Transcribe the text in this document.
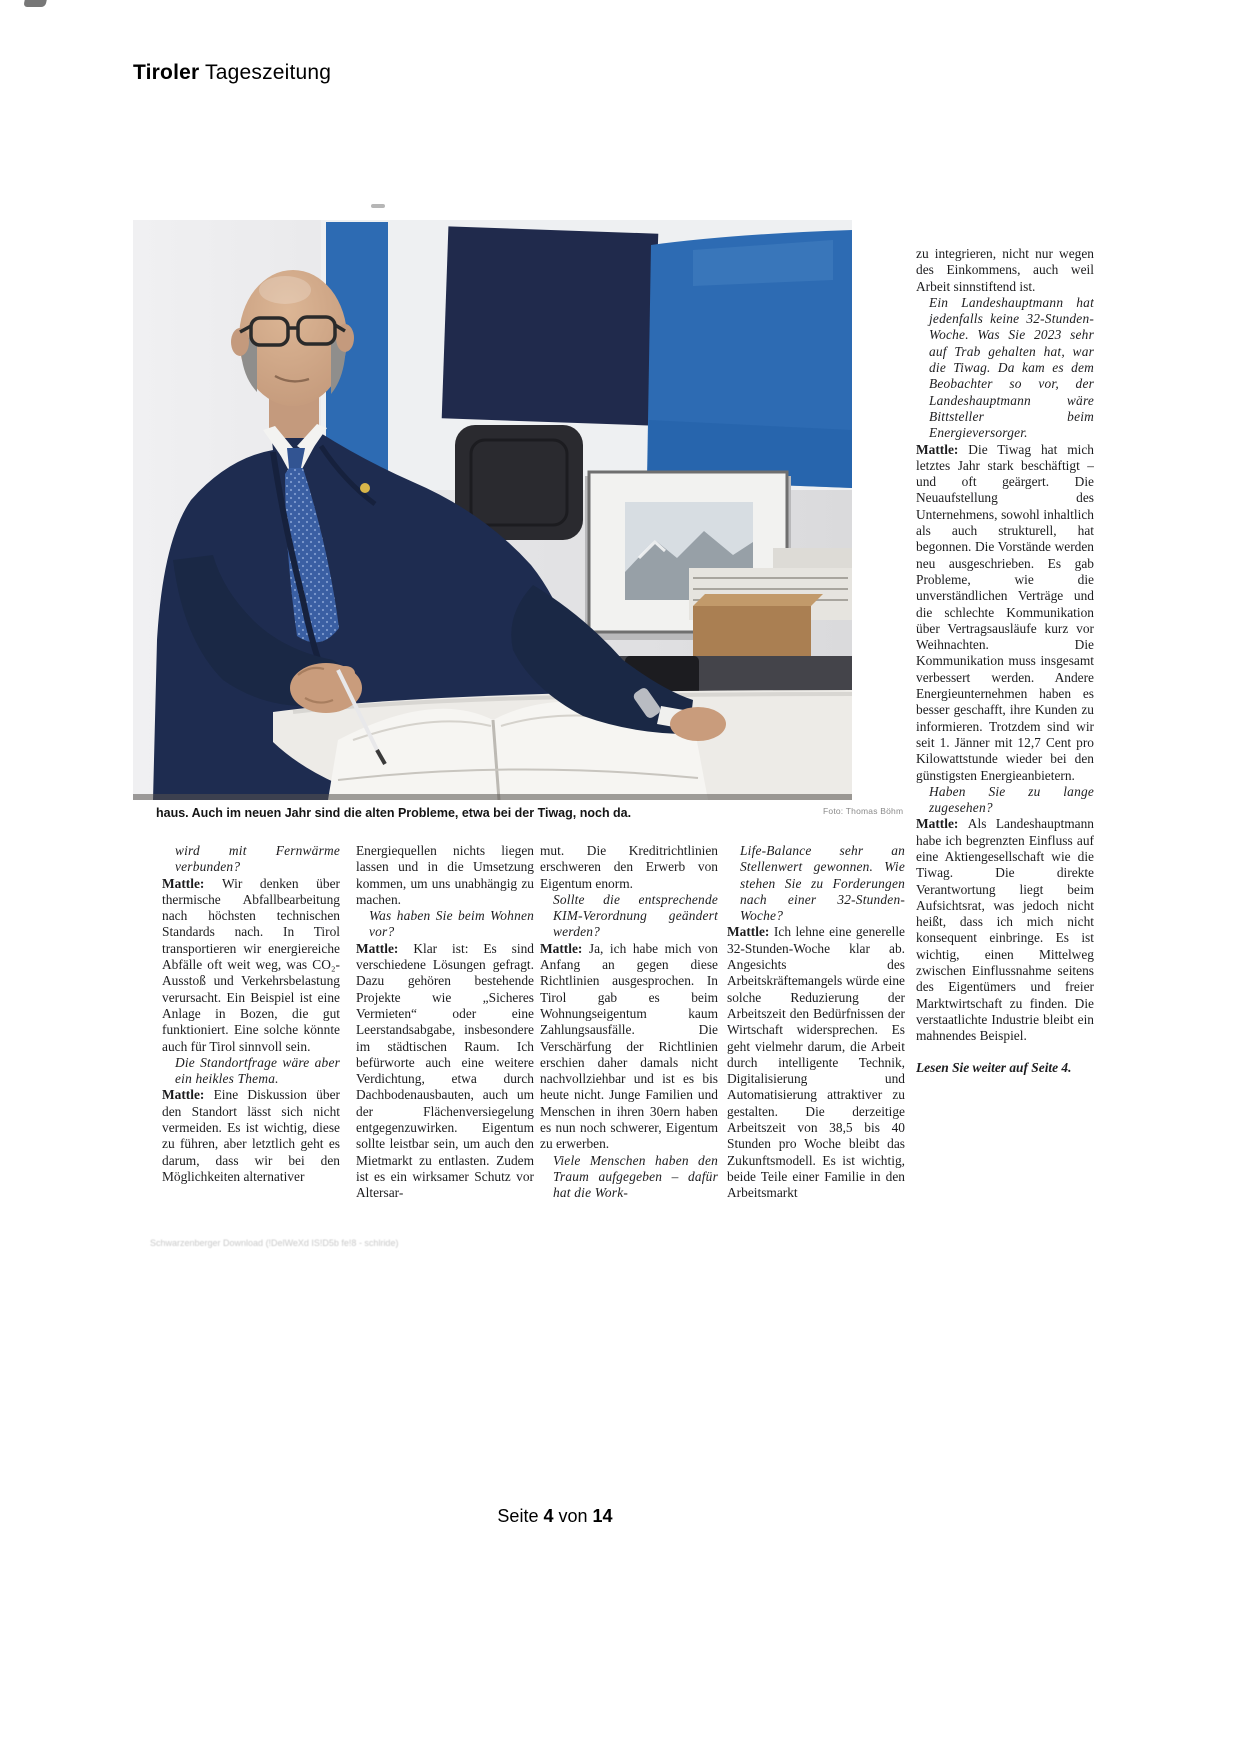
Tiroler Tageszeitung
haus. Auch im neuen Jahr sind die alten Probleme, etwa bei der Tiwag, noch da.	Foto: Thomas Böhm

wird mit Fernwärme verbunden?

Mattle: Wir denken über thermische Abfallbearbeitung nach höchsten technischen Standards nach. In Tirol transportieren wir energiereiche Abfälle oft weit weg, was CO₂-Ausstoß und Verkehrsbelastung verursacht. Ein Beispiel ist eine Anlage in Bozen, die gut funktioniert. Eine solche könnte auch für Tirol sinnvoll sein.

Die Standortfrage wäre aber ein heikles Thema.

Mattle: Eine Diskussion über den Standort lässt sich nicht vermeiden. Es ist wichtig, diese zu führen, aber letztlich geht es darum, dass wir bei den Möglichkeiten alternativer

Energiequellen nichts liegen lassen und in die Umsetzung kommen, um uns unabhängig zu machen.

Was haben Sie beim Wohnen vor?

Mattle: Klar ist: Es sind verschiedene Lösungen gefragt. Dazu gehören bestehende Projekte wie „Sicheres Vermieten“ oder eine Leerstandsabgabe, insbesondere im städtischen Raum. Ich befürworte auch eine weitere Verdichtung, etwa durch Dachbodenausbauten, auch um der Flächenversiegelung entgegenzuwirken. Eigentum sollte leistbar sein, um auch den Mietmarkt zu entlasten. Zudem ist es ein wirksamer Schutz vor Altersar-

mut. Die Kreditrichtlinien erschweren den Erwerb von Eigentum enorm.

Sollte die entsprechende KIM-Verordnung geändert werden?

Mattle: Ja, ich habe mich von Anfang an gegen diese Richtlinien ausgesprochen. In Tirol gab es beim Wohnungseigentum kaum Zahlungsausfälle. Die Verschärfung der Richtlinien erschien daher damals nicht nachvollziehbar und ist es bis heute nicht. Junge Familien und Menschen in ihren 30ern haben es nun noch schwerer, Eigentum zu erwerben.

Viele Menschen haben den Traum aufgegeben – dafür hat die Work-

Life-Balance sehr an Stellenwert gewonnen. Wie stehen Sie zu Forderungen nach einer 32-Stunden-Woche?

Mattle: Ich lehne eine generelle 32-Stunden-Woche klar ab. Angesichts des Arbeitskräftemangels würde eine solche Reduzierung der Arbeitszeit den Bedürfnissen der Wirtschaft widersprechen. Es geht vielmehr darum, die Arbeit durch intelligente Technik, Digitalisierung und Automatisierung attraktiver zu gestalten. Die derzeitige Arbeitszeit von 38,5 bis 40 Stunden pro Woche bleibt das Zukunftsmodell. Es ist wichtig, beide Teile einer Familie in den Arbeitsmarkt

zu integrieren, nicht nur wegen des Einkommens, auch weil Arbeit sinnstiftend ist.

Ein Landeshauptmann hat jedenfalls keine 32-Stunden-Woche. Was Sie 2023 sehr auf Trab gehalten hat, war die Tiwag. Da kam es dem Beobachter so vor, der Landeshauptmann wäre Bittsteller beim Energieversorger.

Mattle: Die Tiwag hat mich letztes Jahr stark beschäftigt – und oft geärgert. Die Neuaufstellung des Unternehmens, sowohl inhaltlich als auch strukturell, hat begonnen. Die Vorstände werden neu ausgeschrieben. Es gab Probleme, wie die unverständlichen Verträge und die schlechte Kommunikation über Vertragsausläufe kurz vor Weihnachten. Die Kommunikation muss insgesamt verbessert werden. Andere Energieunternehmen haben es besser geschafft, ihre Kunden zu informieren. Trotzdem sind wir seit 1. Jänner mit 12,7 Cent pro Kilowattstunde wieder bei den günstigsten Energieanbietern.

Haben Sie zu lange zugesehen?

Mattle: Als Landeshauptmann habe ich begrenzten Einfluss auf eine Aktiengesellschaft wie die Tiwag. Die direkte Verantwortung liegt beim Aufsichtsrat, was jedoch nicht heißt, dass ich mich nicht konsequent einbringe. Es ist wichtig, einen Mittelweg zwischen Einflussnahme seitens des Eigentümers und freier Marktwirtschaft zu finden. Die verstaatlichte Industrie bleibt ein mahnendes Beispiel.

Lesen Sie weiter auf Seite 4.

Schwarzenberger Download (!DelWeXd IS!D5b fe!8 - schlride)
Seite 4 von 14
